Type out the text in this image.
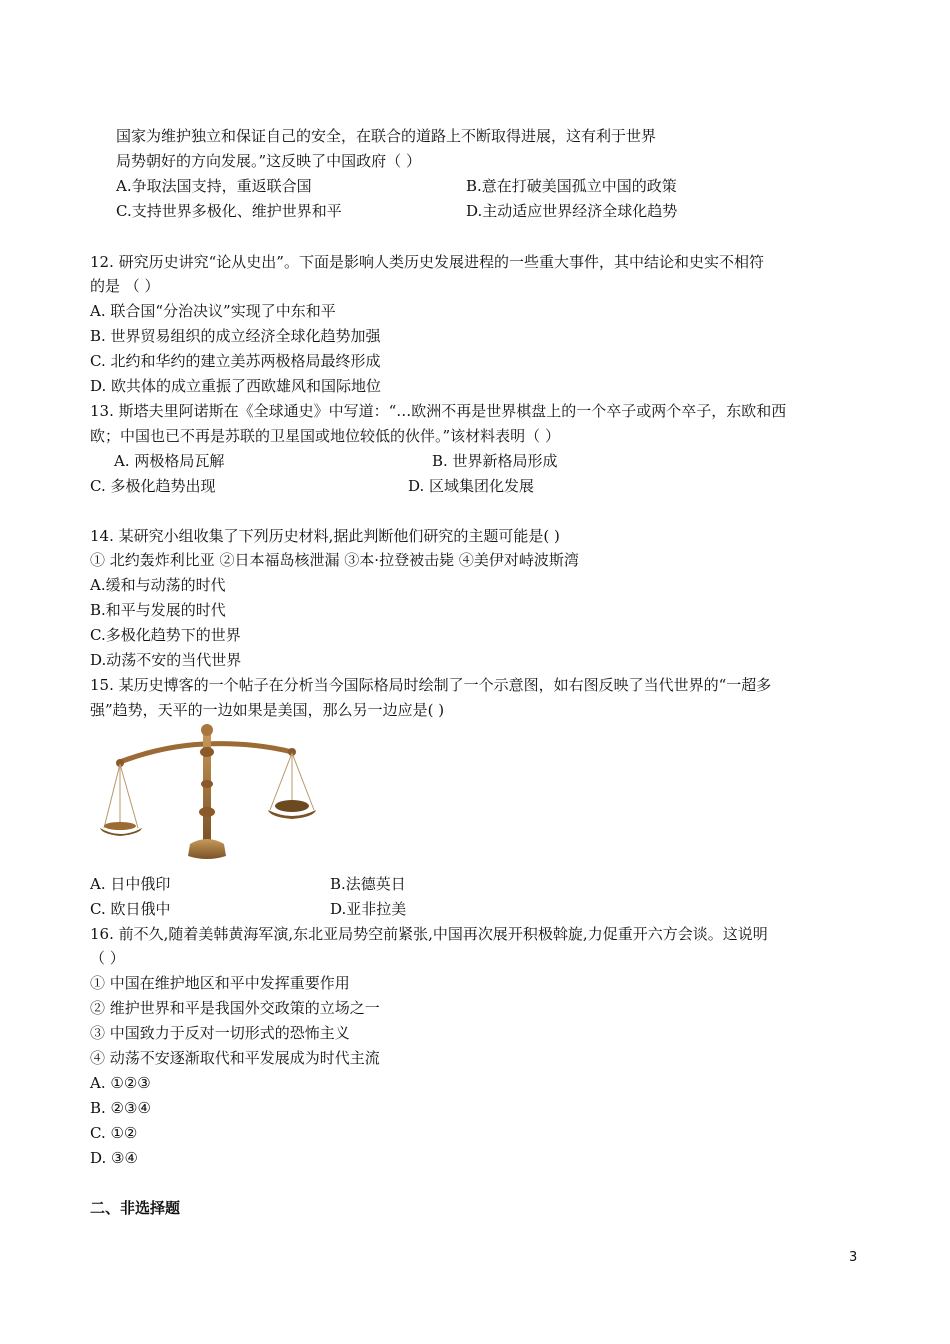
国家为维护独立和保证自己的安全，在联合的道路上不断取得进展，这有利于世界
局势朝好的方向发展。”这反映了中国政府（ ）
A.争取法国支持，重返联合国	B.意在打破美国孤立中国的政策
C.支持世界多极化、维护世界和平	D.主动适应世界经济全球化趋势
12. 研究历史讲究“论从史出”。下面是影响人类历史发展进程的一些重大事件，其中结论和史实不相符
的是 （ ）
A. 联合国“分治决议”实现了中东和平
B. 世界贸易组织的成立经济全球化趋势加强
C. 北约和华约的建立美苏两极格局最终形成
D. 欧共体的成立重振了西欧雄风和国际地位
13. 斯塔夫里阿诺斯在《全球通史》中写道：“…欧洲不再是世界棋盘上的一个卒子或两个卒子，东欧和西
欧；中国也已不再是苏联的卫星国或地位较低的伙伴。”该材料表明（ ）
A. 两极格局瓦解	B. 世界新格局形成
C. 多极化趋势出现	D. 区域集团化发展
14. 某研究小组收集了下列历史材料,据此判断他们研究的主题可能是( )
① 北约轰炸利比亚 ②日本福岛核泄漏 ③本·拉登被击毙 ④美伊对峙波斯湾
A.缓和与动荡的时代
B.和平与发展的时代
C.多极化趋势下的世界
D.动荡不安的当代世界
15. 某历史博客的一个帖子在分析当今国际格局时绘制了一个示意图，如右图反映了当代世界的“一超多
强”趋势，天平的一边如果是美国，那么另一边应是( )
A. 日中俄印	B.法德英日
C. 欧日俄中	D.亚非拉美
16. 前不久,随着美韩黄海军演,东北亚局势空前紧张,中国再次展开积极斡旋,力促重开六方会谈。这说明
（ ）
① 中国在维护地区和平中发挥重要作用
② 维护世界和平是我国外交政策的立场之一
③ 中国致力于反对一切形式的恐怖主义
④ 动荡不安逐渐取代和平发展成为时代主流
A. ①②③
B. ②③④
C. ①②
D. ③④
二、非选择题
3
